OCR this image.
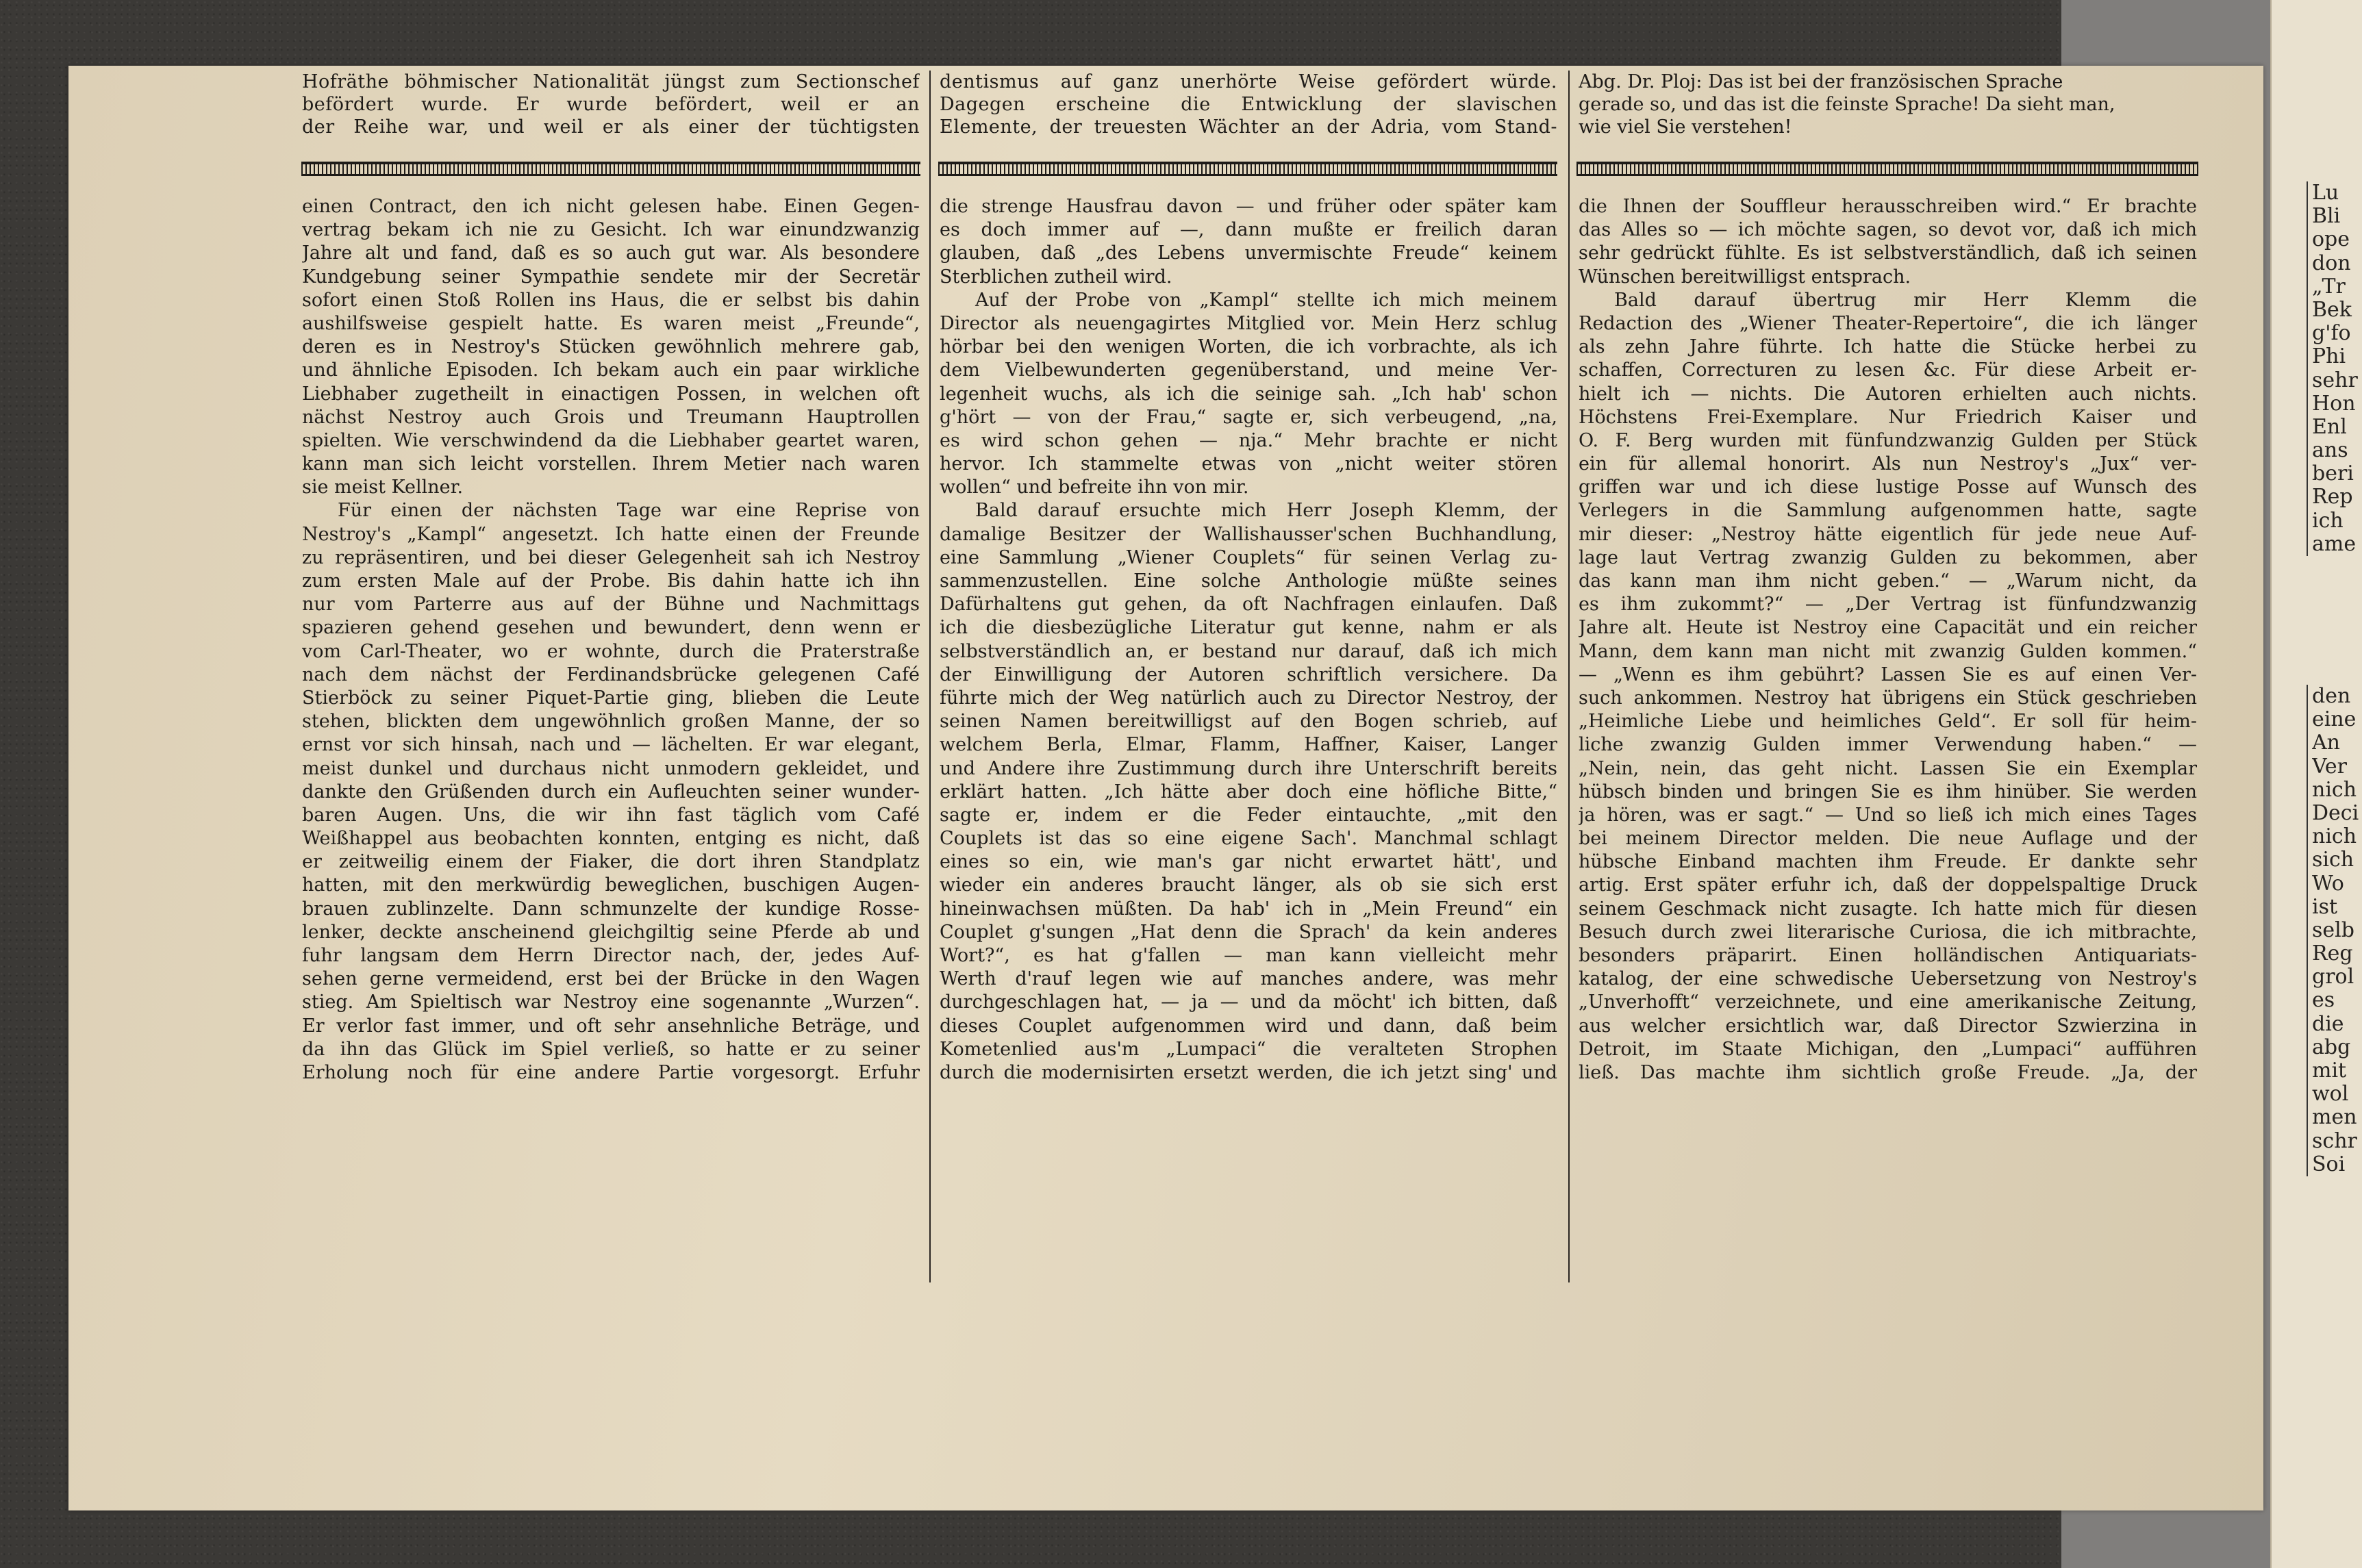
Lu
Bli
ope
don
„Tr
Bek
g'fo
Phi
sehr
Hon
Enl
ans
beri
Rep
ich
ame
den
eine
An
Ver
nich
Deci
nich
sich
Wo
ist
selb
Reg
grol
es
die
abg
mit
wol
men
schr
Soi
Hofräthe böhmischer Nationalität jüngst zum Sectionschef
befördert wurde. Er wurde befördert, weil er an
der Reihe war, und weil er als einer der tüchtigsten
dentismus auf ganz unerhörte Weise gefördert würde.
Dagegen erscheine die Entwicklung der slavischen
Elemente, der treuesten Wächter an der Adria, vom Stand-
Abg. Dr. Ploj: Das ist bei der französischen Sprache
gerade so, und das ist die feinste Sprache! Da sieht man,
wie viel Sie verstehen!
einen Contract, den ich nicht gelesen habe. Einen Gegen-
vertrag bekam ich nie zu Gesicht. Ich war einundzwanzig
Jahre alt und fand, daß es so auch gut war. Als besondere
Kundgebung seiner Sympathie sendete mir der Secretär
sofort einen Stoß Rollen ins Haus, die er selbst bis dahin
aushilfsweise gespielt hatte. Es waren meist „Freunde“,
deren es in Nestroy's Stücken gewöhnlich mehrere gab,
und ähnliche Episoden. Ich bekam auch ein paar wirkliche
Liebhaber zugetheilt in einactigen Possen, in welchen oft
nächst Nestroy auch Grois und Treumann Hauptrollen
spielten. Wie verschwindend da die Liebhaber geartet waren,
kann man sich leicht vorstellen. Ihrem Metier nach waren
sie meist Kellner.
Für einen der nächsten Tage war eine Reprise von
Nestroy's „Kampl“ angesetzt. Ich hatte einen der Freunde
zu repräsentiren, und bei dieser Gelegenheit sah ich Nestroy
zum ersten Male auf der Probe. Bis dahin hatte ich ihn
nur vom Parterre aus auf der Bühne und Nachmittags
spazieren gehend gesehen und bewundert, denn wenn er
vom Carl-Theater, wo er wohnte, durch die Praterstraße
nach dem nächst der Ferdinandsbrücke gelegenen Café
Stierböck zu seiner Piquet-Partie ging, blieben die Leute
stehen, blickten dem ungewöhnlich großen Manne, der so
ernst vor sich hinsah, nach und — lächelten. Er war elegant,
meist dunkel und durchaus nicht unmodern gekleidet, und
dankte den Grüßenden durch ein Aufleuchten seiner wunder-
baren Augen. Uns, die wir ihn fast täglich vom Café
Weißhappel aus beobachten konnten, entging es nicht, daß
er zeitweilig einem der Fiaker, die dort ihren Standplatz
hatten, mit den merkwürdig beweglichen, buschigen Augen-
brauen zublinzelte. Dann schmunzelte der kundige Rosse-
lenker, deckte anscheinend gleichgiltig seine Pferde ab und
fuhr langsam dem Herrn Director nach, der, jedes Auf-
sehen gerne vermeidend, erst bei der Brücke in den Wagen
stieg. Am Spieltisch war Nestroy eine sogenannte „Wurzen“.
Er verlor fast immer, und oft sehr ansehnliche Beträge, und
da ihn das Glück im Spiel verließ, so hatte er zu seiner
Erholung noch für eine andere Partie vorgesorgt. Erfuhr
die strenge Hausfrau davon — und früher oder später kam
es doch immer auf —, dann mußte er freilich daran
glauben, daß „des Lebens unvermischte Freude“ keinem
Sterblichen zutheil wird.
Auf der Probe von „Kampl“ stellte ich mich meinem
Director als neuengagirtes Mitglied vor. Mein Herz schlug
hörbar bei den wenigen Worten, die ich vorbrachte, als ich
dem Vielbewunderten gegenüberstand, und meine Ver-
legenheit wuchs, als ich die seinige sah. „Ich hab' schon
g'hört — von der Frau,“ sagte er, sich verbeugend, „na,
es wird schon gehen — nja.“ Mehr brachte er nicht
hervor. Ich stammelte etwas von „nicht weiter stören
wollen“ und befreite ihn von mir.
Bald darauf ersuchte mich Herr Joseph Klemm, der
damalige Besitzer der Wallishausser'schen Buchhandlung,
eine Sammlung „Wiener Couplets“ für seinen Verlag zu-
sammenzustellen. Eine solche Anthologie müßte seines
Dafürhaltens gut gehen, da oft Nachfragen einlaufen. Daß
ich die diesbezügliche Literatur gut kenne, nahm er als
selbstverständlich an, er bestand nur darauf, daß ich mich
der Einwilligung der Autoren schriftlich versichere. Da
führte mich der Weg natürlich auch zu Director Nestroy, der
seinen Namen bereitwilligst auf den Bogen schrieb, auf
welchem Berla, Elmar, Flamm, Haffner, Kaiser, Langer
und Andere ihre Zustimmung durch ihre Unterschrift bereits
erklärt hatten. „Ich hätte aber doch eine höfliche Bitte,“
sagte er, indem er die Feder eintauchte, „mit den
Couplets ist das so eine eigene Sach'. Manchmal schlagt
eines so ein, wie man's gar nicht erwartet hätt', und
wieder ein anderes braucht länger, als ob sie sich erst
hineinwachsen müßten. Da hab' ich in „Mein Freund“ ein
Couplet g'sungen „Hat denn die Sprach' da kein anderes
Wort?“, es hat g'fallen — man kann vielleicht mehr
Werth d'rauf legen wie auf manches andere, was mehr
durchgeschlagen hat, — ja — und da möcht' ich bitten, daß
dieses Couplet aufgenommen wird und dann, daß beim
Kometenlied aus'm „Lumpaci“ die veralteten Strophen
durch die modernisirten ersetzt werden, die ich jetzt sing' und
die Ihnen der Souffleur herausschreiben wird.“ Er brachte
das Alles so — ich möchte sagen, so devot vor, daß ich mich
sehr gedrückt fühlte. Es ist selbstverständlich, daß ich seinen
Wünschen bereitwilligst entsprach.
Bald darauf übertrug mir Herr Klemm die
Redaction des „Wiener Theater-Repertoire“, die ich länger
als zehn Jahre führte. Ich hatte die Stücke herbei zu
schaffen, Correcturen zu lesen &c. Für diese Arbeit er-
hielt ich — nichts. Die Autoren erhielten auch nichts.
Höchstens Frei-Exemplare. Nur Friedrich Kaiser und
O. F. Berg wurden mit fünfundzwanzig Gulden per Stück
ein für allemal honorirt. Als nun Nestroy's „Jux“ ver-
griffen war und ich diese lustige Posse auf Wunsch des
Verlegers in die Sammlung aufgenommen hatte, sagte
mir dieser: „Nestroy hätte eigentlich für jede neue Auf-
lage laut Vertrag zwanzig Gulden zu bekommen, aber
das kann man ihm nicht geben.“ — „Warum nicht, da
es ihm zukommt?“ — „Der Vertrag ist fünfundzwanzig
Jahre alt. Heute ist Nestroy eine Capacität und ein reicher
Mann, dem kann man nicht mit zwanzig Gulden kommen.“
— „Wenn es ihm gebührt? Lassen Sie es auf einen Ver-
such ankommen. Nestroy hat übrigens ein Stück geschrieben
„Heimliche Liebe und heimliches Geld“. Er soll für heim-
liche zwanzig Gulden immer Verwendung haben.“ —
„Nein, nein, das geht nicht. Lassen Sie ein Exemplar
hübsch binden und bringen Sie es ihm hinüber. Sie werden
ja hören, was er sagt.“ — Und so ließ ich mich eines Tages
bei meinem Director melden. Die neue Auflage und der
hübsche Einband machten ihm Freude. Er dankte sehr
artig. Erst später erfuhr ich, daß der doppelspaltige Druck
seinem Geschmack nicht zusagte. Ich hatte mich für diesen
Besuch durch zwei literarische Curiosa, die ich mitbrachte,
besonders präparirt. Einen holländischen Antiquariats-
katalog, der eine schwedische Uebersetzung von Nestroy's
„Unverhofft“ verzeichnete, und eine amerikanische Zeitung,
aus welcher ersichtlich war, daß Director Szwierzina in
Detroit, im Staate Michigan, den „Lumpaci“ aufführen
ließ. Das machte ihm sichtlich große Freude. „Ja, der
